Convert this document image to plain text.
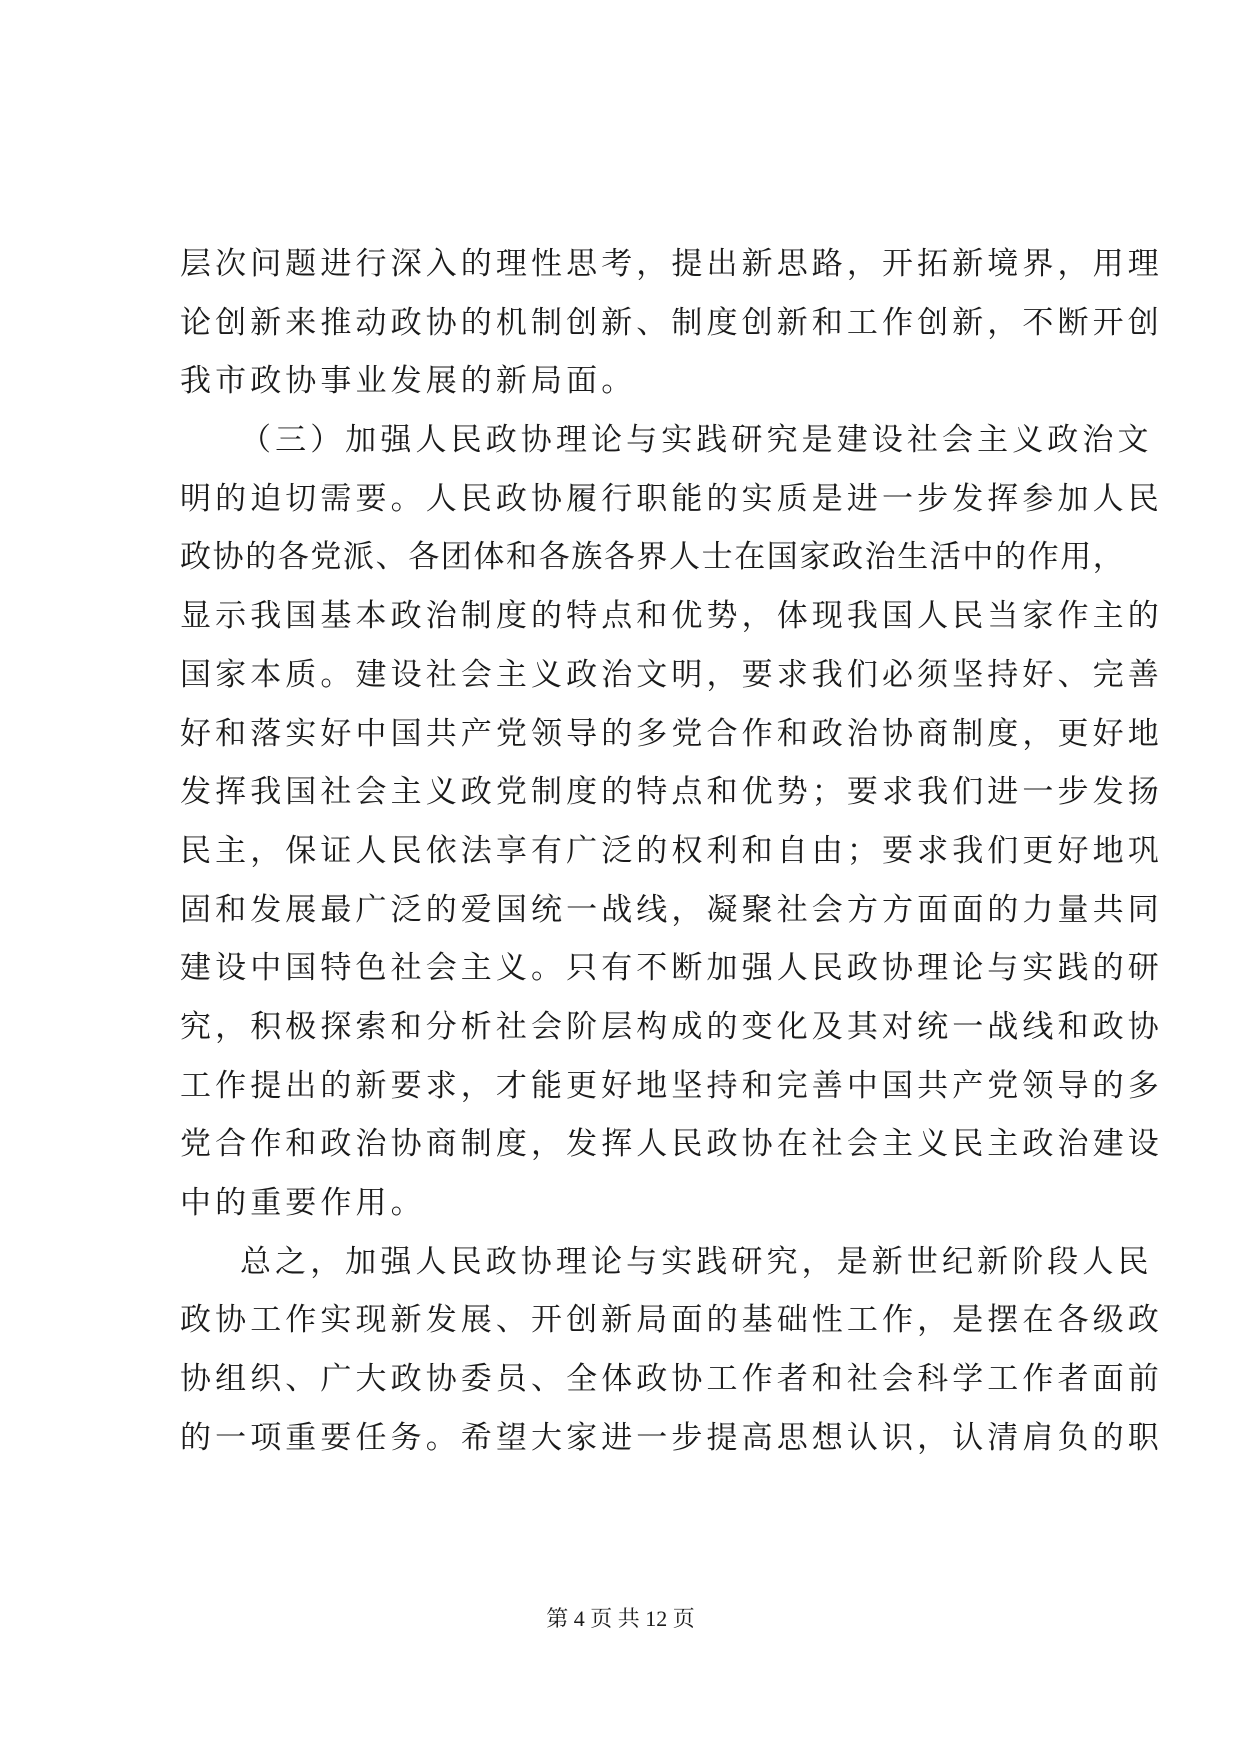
层次问题进行深入的理性思考，提出新思路，开拓新境界，用理
论创新来推动政协的机制创新、制度创新和工作创新，不断开创
我市政协事业发展的新局面。
（三）加强人民政协理论与实践研究是建设社会主义政治文
明的迫切需要。人民政协履行职能的实质是进一步发挥参加人民
政协的各党派、各团体和各族各界人士在国家政治生活中的作用，
显示我国基本政治制度的特点和优势，体现我国人民当家作主的
国家本质。建设社会主义政治文明，要求我们必须坚持好、完善
好和落实好中国共产党领导的多党合作和政治协商制度，更好地
发挥我国社会主义政党制度的特点和优势；要求我们进一步发扬
民主，保证人民依法享有广泛的权利和自由；要求我们更好地巩
固和发展最广泛的爱国统一战线，凝聚社会方方面面的力量共同
建设中国特色社会主义。只有不断加强人民政协理论与实践的研
究，积极探索和分析社会阶层构成的变化及其对统一战线和政协
工作提出的新要求，才能更好地坚持和完善中国共产党领导的多
党合作和政治协商制度，发挥人民政协在社会主义民主政治建设
中的重要作用。
总之，加强人民政协理论与实践研究，是新世纪新阶段人民
政协工作实现新发展、开创新局面的基础性工作，是摆在各级政
协组织、广大政协委员、全体政协工作者和社会科学工作者面前
的一项重要任务。希望大家进一步提高思想认识，认清肩负的职
第 4 页 共 12 页
